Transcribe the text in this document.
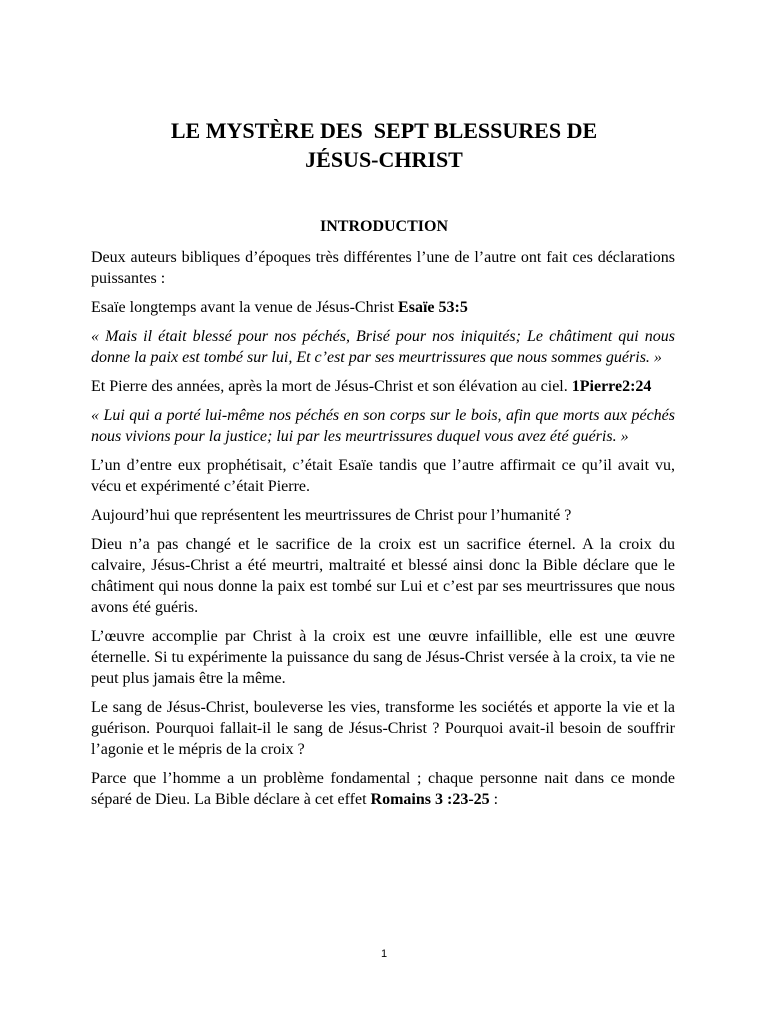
LE MYSTÈRE DES  SEPT BLESSURES DE
JÉSUS-CHRIST
INTRODUCTION

Deux auteurs bibliques d’époques très différentes l’une de l’autre ont fait ces déclarations puissantes :

Esaïe longtemps avant la venue de Jésus-Christ Esaïe 53:5

« Mais il était blessé pour nos péchés, Brisé pour nos iniquités; Le châtiment qui nous donne la paix est tombé sur lui, Et c’est par ses meurtrissures que nous sommes guéris. »

Et Pierre des années, après la mort de Jésus-Christ et son élévation au ciel. 1Pierre2:24

« Lui qui a porté lui-même nos péchés en son corps sur le bois, afin que morts aux péchés nous vivions pour la justice; lui par les meurtrissures duquel vous avez été guéris. »

L’un d’entre eux prophétisait, c’était Esaïe tandis que l’autre affirmait ce qu’il avait vu, vécu et expérimenté c’était Pierre.

Aujourd’hui que représentent les meurtrissures de Christ pour l’humanité ?

Dieu n’a pas changé et le sacrifice de la croix est un sacrifice éternel. A la croix du calvaire, Jésus-Christ a été meurtri, maltraité et blessé ainsi donc la Bible déclare que le châtiment qui nous donne la paix est tombé sur Lui et c’est par ses meurtrissures que nous avons été guéris.

L’œuvre accomplie par Christ à la croix est une œuvre infaillible, elle est une œuvre éternelle. Si tu expérimente la puissance du sang de Jésus-Christ versée à la croix, ta vie ne peut plus jamais être la même.

Le sang de Jésus-Christ, bouleverse les vies, transforme les sociétés et apporte la vie et la guérison. Pourquoi fallait-il le sang de Jésus-Christ ? Pourquoi avait-il besoin de souffrir l’agonie et le mépris de la croix ?

Parce que l’homme a un problème fondamental ; chaque personne nait dans ce monde séparé de Dieu. La Bible déclare à cet effet Romains 3 :23-25 :

1
